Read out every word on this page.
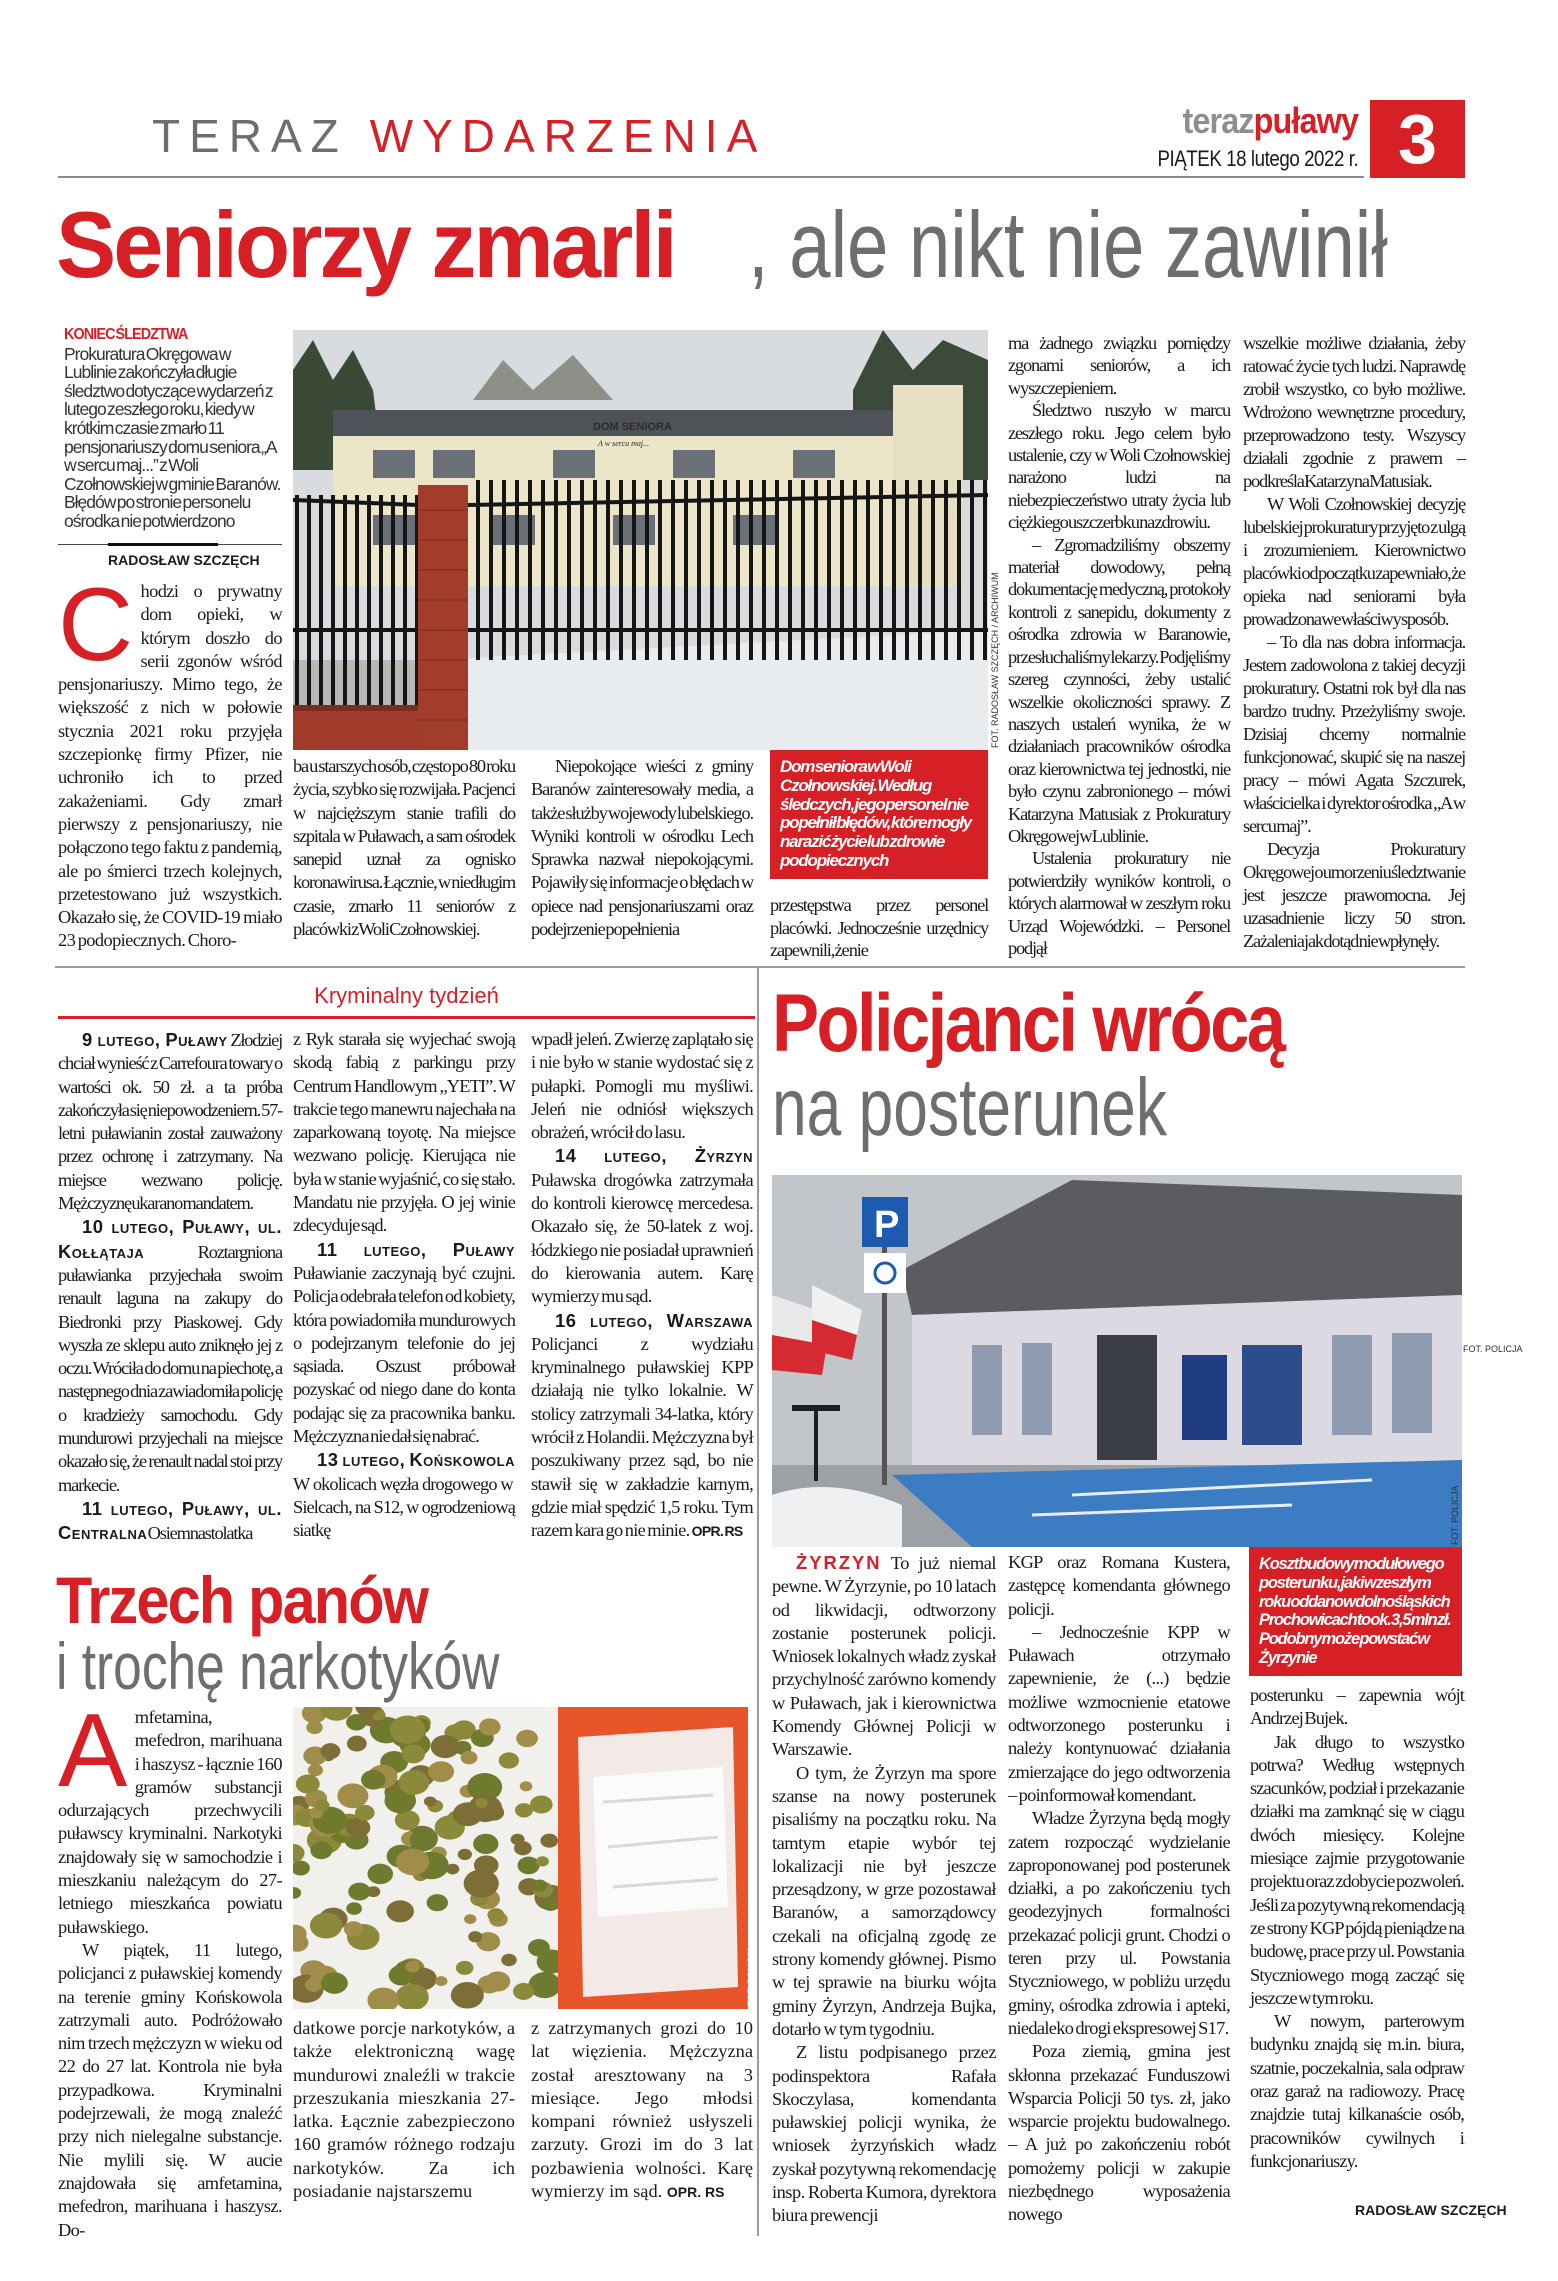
TERAZ WYDARZENIA	terazpuławy
PIĄTEK 18 lutego 2022 r. 3
Seniorzy zmarli , ale nikt nie zawinił
KONIEC ŚLEDZTWA
Prokuratura Okręgowa w Lublinie zakończyła długie śledztwo dotyczące wydarzeń z lutego zeszłego roku, kiedy w krótkim czasie zmarło 11 pensjonariuszy domu seniora „A w sercu maj...” z Woli Czołnowskiej w gminie Baranów. Błędów po stronie personelu ośrodka nie potwierdzono
RADOSŁAW SZCZĘCH
DOM SENIORA
A w sercu maj...
FOT. RADOSŁAW SZCZĘCH / ARCHIWUM
Dom seniora w Woli Czołnowskiej. Według śledczych, jego personel nie popełnił błędów, które mogły narazić życie lub zdrowie podopiecznych

Chodzi o prywatny dom opieki, w którym doszło do serii zgonów wśród pensjonariuszy. Mimo tego, że większość z nich w połowie stycznia 2021 roku przyjęła szczepionkę firmy Pfizer, nie uchroniło ich to przed zakażeniami. Gdy zmarł pierwszy z pensjonariuszy, nie połączono tego faktu z pandemią, ale po śmierci trzech kolejnych, przetestowano już wszystkich. Okazało się, że COVID-19 miało 23 podopiecznych. Choro-

ba u starszych osób, często po 80 roku życia, szybko się rozwijała. Pacjenci w najcięższym stanie trafili do szpitala w Puławach, a sam ośrodek sanepid uznał za ognisko koronawirusa. Łącznie, w niedługim czasie, zmarło 11 seniorów z placówki z Woli Czołnowskiej.

Niepokojące wieści z gminy Baranów zainteresowały media, a także służby wojewody lubelskiego. Wyniki kontroli w ośrodku Lech Sprawka nazwał niepokojącymi. Pojawiły się informacje o błędach w opiece nad pensjonariuszami oraz podejrzenie popełnienia

przestępstwa przez personel placówki. Jednocześnie urzędnicy zapewnili, że nie

ma żadnego związku pomiędzy zgonami seniorów, a ich wyszczepieniem.

Śledztwo ruszyło w marcu zeszłego roku. Jego celem było ustalenie, czy w Woli Czołnowskiej narażono ludzi na niebezpieczeństwo utraty życia lub ciężkiego uszczerbku na zdrowiu.

– Zgromadziliśmy obszerny materiał dowodowy, pełną dokumentację medyczną, protokoły kontroli z sanepidu, dokumenty z ośrodka zdrowia w Baranowie, przesłuchaliśmy lekarzy. Podjęliśmy szereg czynności, żeby ustalić wszelkie okoliczności sprawy. Z naszych ustaleń wynika, że w działaniach pracowników ośrodka oraz kierownictwa tej jednostki, nie było czynu zabronionego – mówi Katarzyna Matusiak z Prokuratury Okręgowej w Lublinie.

Ustalenia prokuratury nie potwierdziły wyników kontroli, o których alarmował w zeszłym roku Urząd Wojewódzki. – Personel podjął

wszelkie możliwe działania, żeby ratować życie tych ludzi. Naprawdę zrobił wszystko, co było możliwe. Wdrożono wewnętrzne procedury, przeprowadzono testy. Wszyscy działali zgodnie z prawem – podkreśla Katarzyna Matusiak.

W Woli Czołnowskiej decyzję lubelskiej prokuratury przyjęto z ulgą i zrozumieniem. Kierownictwo placówki od początku zapewniało, że opieka nad seniorami była prowadzona we właściwy sposób.

– To dla nas dobra informacja. Jestem zadowolona z takiej decyzji prokuratury. Ostatni rok był dla nas bardzo trudny. Przeżyliśmy swoje. Dzisiaj chcemy normalnie funkcjonować, skupić się na naszej pracy – mówi Agata Szczurek, właścicielka i dyrektor ośrodka „A w sercu maj”.

Decyzja Prokuratury Okręgowej o umorzeniu śledztwa nie jest jeszcze prawomocna. Jej uzasadnienie liczy 50 stron. Zażalenia jak dotąd nie wpłynęły.

Kryminalny tydzień

9 lutego, Puławy Złodziej chciał wynieść z Carrefoura towary o wartości ok. 50 zł. a ta próba zakończyła się niepowodzeniem. 57-letni puławianin został zauważony przez ochronę i zatrzymany. Na miejsce wezwano policję. Mężczyznę ukarano mandatem.

10 lutego, Puławy, ul. Kołłątaja Roztargniona puławianka przyjechała swoim renault laguna na zakupy do Biedronki przy Piaskowej. Gdy wyszła ze sklepu auto zniknęło jej z oczu. Wróciła do domu na piechotę, a następnego dnia zawiadomiła policję o kradzieży samochodu. Gdy mundurowi przyjechali na miejsce okazało się, że renault nadal stoi przy markecie.

11 lutego, Puławy, ul. Centralna Osiemnastolatka

z Ryk starała się wyjechać swoją skodą fabią z parkingu przy Centrum Handlowym „YETI”. W trakcie tego manewru najechała na zaparkowaną toyotę. Na miejsce wezwano policję. Kierująca nie była w stanie wyjaśnić, co się stało. Mandatu nie przyjęła. O jej winie zdecyduje sąd.

11 lutego, Puławy Puławianie zaczynają być czujni. Policja odebrała telefon od kobiety, która powiadomiła mundurowych o podejrzanym telefonie do jej sąsiada. Oszust próbował pozyskać od niego dane do konta podając się za pracownika banku. Mężczyzna nie dał się nabrać.

13 lutego, Końskowola W okolicach węzła drogowego w Sielcach, na S12, w ogrodzeniową siatkę

wpadł jeleń. Zwierzę zaplątało się i nie było w stanie wydostać się z pułapki. Pomogli mu myśliwi. Jeleń nie odniósł większych obrażeń, wrócił do lasu.

14 lutego, Żyrzyn Puławska drogówka zatrzymała do kontroli kierowcę mercedesa. Okazało się, że 50-latek z woj. łódzkiego nie posiadał uprawnień do kierowania autem. Karę wymierzy mu sąd.

16 lutego, Warszawa Policjanci z wydziału kryminalnego puławskiej KPP działają nie tylko lokalnie. W stolicy zatrzymali 34-latka, który wrócił z Holandii. Mężczyzna był poszukiwany przez sąd, bo nie stawił się w zakładzie karnym, gdzie miał spędzić 1,5 roku. Tym razem kara go nie minie. OPR. RS

Trzech panów
i trochę narkotyków
FOT. POLICJA

Amfetamina, mefedron, marihuana i haszysz - łącznie 160 gramów substancji odurzających przechwycili puławscy kryminalni. Narkotyki znajdowały się w samochodzie i mieszkaniu należącym do 27-letniego mieszkańca powiatu puławskiego.

W piątek, 11 lutego, policjanci z puławskiej komendy na terenie gminy Końskowola zatrzymali auto. Podróżowało nim trzech mężczyzn w wieku od 22 do 27 lat. Kontrola nie była przypadkowa. Kryminalni podejrzewali, że mogą znaleźć przy nich nielegalne substancje. Nie mylili się. W aucie znajdowała się amfetamina, mefedron, marihuana i haszysz. Do-

datkowe porcje narkotyków, a także elektroniczną wagę mundurowi znaleźli w trakcie przeszukania mieszkania 27-latka. Łącznie zabezpieczono 160 gramów różnego rodzaju narkotyków. Za ich posiadanie najstarszemu

z zatrzymanych grozi do 10 lat więzienia. Mężczyzna został aresztowany na 3 miesiące. Jego młodsi kompani również usłyszeli zarzuty. Grozi im do 3 lat pozbawienia wolności. Karę wymierzy im sąd. OPR. RS

Policjanci wrócą
na posterunek
P
FOT. POLICJA
FOT. POLICJA
Koszt budowy modułowego posterunku, jaki w zeszłym roku oddano w dolnośląskich Prochowicach to ok. 3,5 mln zł. Podobny może powstać w Żyrzynie

ŻYRZYN To już niemal pewne. W Żyrzynie, po 10 latach od likwidacji, odtworzony zostanie posterunek policji. Wniosek lokalnych władz zyskał przychylność zarówno komendy w Puławach, jak i kierownictwa Komendy Głównej Policji w Warszawie.

O tym, że Żyrzyn ma spore szanse na nowy posterunek pisaliśmy na początku roku. Na tamtym etapie wybór tej lokalizacji nie był jeszcze przesądzony, w grze pozostawał Baranów, a samorządowcy czekali na oficjalną zgodę ze strony komendy głównej. Pismo w tej sprawie na biurku wójta gminy Żyrzyn, Andrzeja Bujka, dotarło w tym tygodniu.

Z listu podpisanego przez podinspektora Rafała Skoczylasa, komendanta puławskiej policji wynika, że wniosek żyrzyńskich władz zyskał pozytywną rekomendację insp. Roberta Kumora, dyrektora biura prewencji

KGP oraz Romana Kustera, zastępcę komendanta głównego policji.

– Jednocześnie KPP w Puławach otrzymało zapewnienie, że (...) będzie możliwe wzmocnienie etatowe odtworzonego posterunku i należy kontynuować działania zmierzające do jego odtworzenia – poinformował komendant.

Władze Żyrzyna będą mogły zatem rozpocząć wydzielanie zaproponowanej pod posterunek działki, a po zakończeniu tych geodezyjnych formalności przekazać policji grunt. Chodzi o teren przy ul. Powstania Styczniowego, w pobliżu urzędu gminy, ośrodka zdrowia i apteki, niedaleko drogi ekspresowej S17.

Poza ziemią, gmina jest skłonna przekazać Funduszowi Wsparcia Policji 50 tys. zł, jako wsparcie projektu budowalnego. – A już po zakończeniu robót pomożemy policji w zakupie niezbędnego wyposażenia nowego

posterunku – zapewnia wójt Andrzej Bujek.

Jak długo to wszystko potrwa? Według wstępnych szacunków, podział i przekazanie działki ma zamknąć się w ciągu dwóch miesięcy. Kolejne miesiące zajmie przygotowanie projektu oraz zdobycie pozwoleń. Jeśli za pozytywną rekomendacją ze strony KGP pójdą pieniądze na budowę, prace przy ul. Powstania Styczniowego mogą zacząć się jeszcze w tym roku.

W nowym, parterowym budynku znajdą się m.in. biura, szatnie, poczekalnia, sala odpraw oraz garaż na radiowozy. Pracę znajdzie tutaj kilkanaście osób, pracowników cywilnych i funkcjonariuszy.

RADOSŁAW SZCZĘCH
